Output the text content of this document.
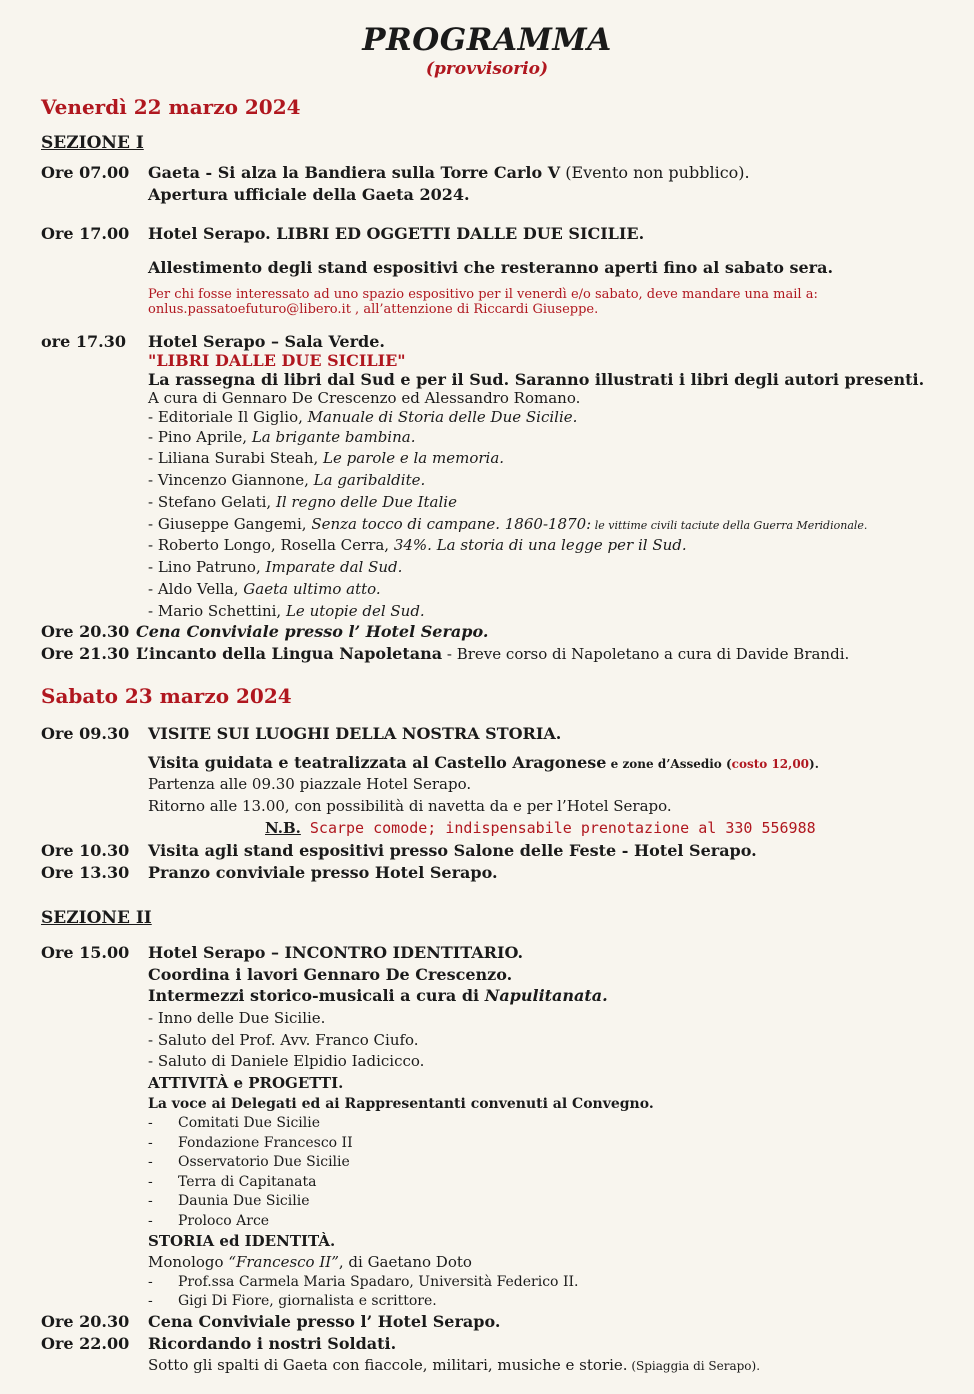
PROGRAMMA
(provvisorio)
Venerdì 22 marzo 2024
SEZIONE I
Ore 07.00 Gaeta - Si alza la Bandiera sulla Torre Carlo V (Evento non pubblico).
Apertura ufficiale della Gaeta 2024.
Ore 17.00 Hotel Serapo. LIBRI ED OGGETTI DALLE DUE SICILIE.
Allestimento degli stand espositivi che resteranno aperti fino al sabato sera.
Per chi fosse interessato ad uno spazio espositivo per il venerdì e/o sabato, deve mandare una mail a:
onlus.passatoefuturo@libero.it , all’attenzione di Riccardi Giuseppe.
ore 17.30 Hotel Serapo – Sala Verde.
"LIBRI DALLE DUE SICILIE"
La rassegna di libri dal Sud e per il Sud. Saranno illustrati i libri degli autori presenti.
A cura di Gennaro De Crescenzo ed Alessandro Romano.
- Editoriale Il Giglio, Manuale di Storia delle Due Sicilie.
- Pino Aprile, La brigante bambina.
- Liliana Surabi Steah, Le parole e la memoria.
- Vincenzo Giannone, La garibaldite.
- Stefano Gelati, Il regno delle Due Italie
- Giuseppe Gangemi, Senza tocco di campane. 1860-1870: le vittime civili taciute della Guerra Meridionale.
- Roberto Longo, Rosella Cerra, 34%. La storia di una legge per il Sud.
- Lino Patruno, Imparate dal Sud.
- Aldo Vella, Gaeta ultimo atto.
- Mario Schettini, Le utopie del Sud.
Ore 20.30 Cena Conviviale presso l’ Hotel Serapo.
Ore 21.30 L’incanto della Lingua Napoletana - Breve corso di Napoletano a cura di Davide Brandi.
Sabato 23 marzo 2024
Ore 09.30 VISITE SUI LUOGHI DELLA NOSTRA STORIA.
Visita guidata e teatralizzata al Castello Aragonese e zone d’Assedio (costo 12,00).
Partenza alle 09.30 piazzale Hotel Serapo.
Ritorno alle 13.00, con possibilità di navetta da e per l’Hotel Serapo.
N.B. Scarpe comode; indispensabile prenotazione al 330 556988
Ore 10.30 Visita agli stand espositivi presso Salone delle Feste - Hotel Serapo.
Ore 13.30 Pranzo conviviale presso Hotel Serapo.
SEZIONE II
Ore 15.00 Hotel Serapo – INCONTRO IDENTITARIO.
Coordina i lavori Gennaro De Crescenzo.
Intermezzi storico-musicali a cura di Napulitanata.
- Inno delle Due Sicilie.
- Saluto del Prof. Avv. Franco Ciufo.
- Saluto di Daniele Elpidio Iadicicco.
ATTIVITÀ e PROGETTI.
La voce ai Delegati ed ai Rappresentanti convenuti al Convegno.
- Comitati Due Sicilie
- Fondazione Francesco II
- Osservatorio Due Sicilie
- Terra di Capitanata
- Daunia Due Sicilie
- Proloco Arce
STORIA ed IDENTITÀ.
Monologo “Francesco II”, di Gaetano Doto
- Prof.ssa Carmela Maria Spadaro, Università Federico II.
- Gigi Di Fiore, giornalista e scrittore.
Ore 20.30 Cena Conviviale presso l’ Hotel Serapo.
Ore 22.00 Ricordando i nostri Soldati.
Sotto gli spalti di Gaeta con fiaccole, militari, musiche e storie. (Spiaggia di Serapo).
